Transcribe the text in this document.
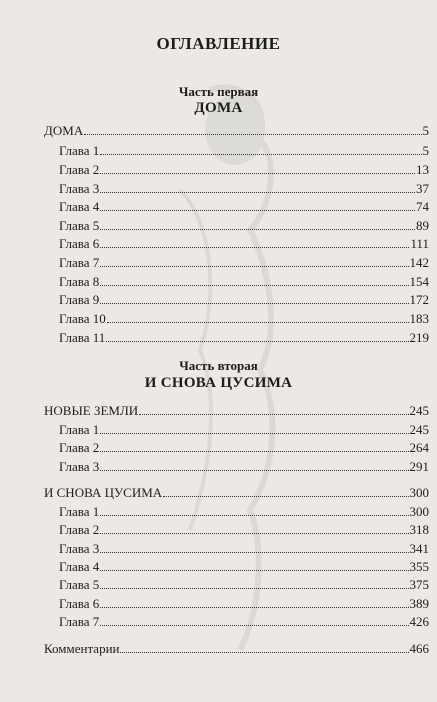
ОГЛАВЛЕНИЕ
Часть первая
ДОМА
ДОМА	5
Глава 1	5
Глава 2	13
Глава 3	37
Глава 4	74
Глава 5	89
Глава 6	111
Глава 7	142
Глава 8	154
Глава 9	172
Глава 10	183
Глава 11	219
Часть вторая
И СНОВА ЦУСИМА
НОВЫЕ ЗЕМЛИ	245
Глава 1	245
Глава 2	264
Глава 3	291
И СНОВА ЦУСИМА	300
Глава 1	300
Глава 2	318
Глава 3	341
Глава 4	355
Глава 5	375
Глава 6	389
Глава 7	426
Комментарии	466
